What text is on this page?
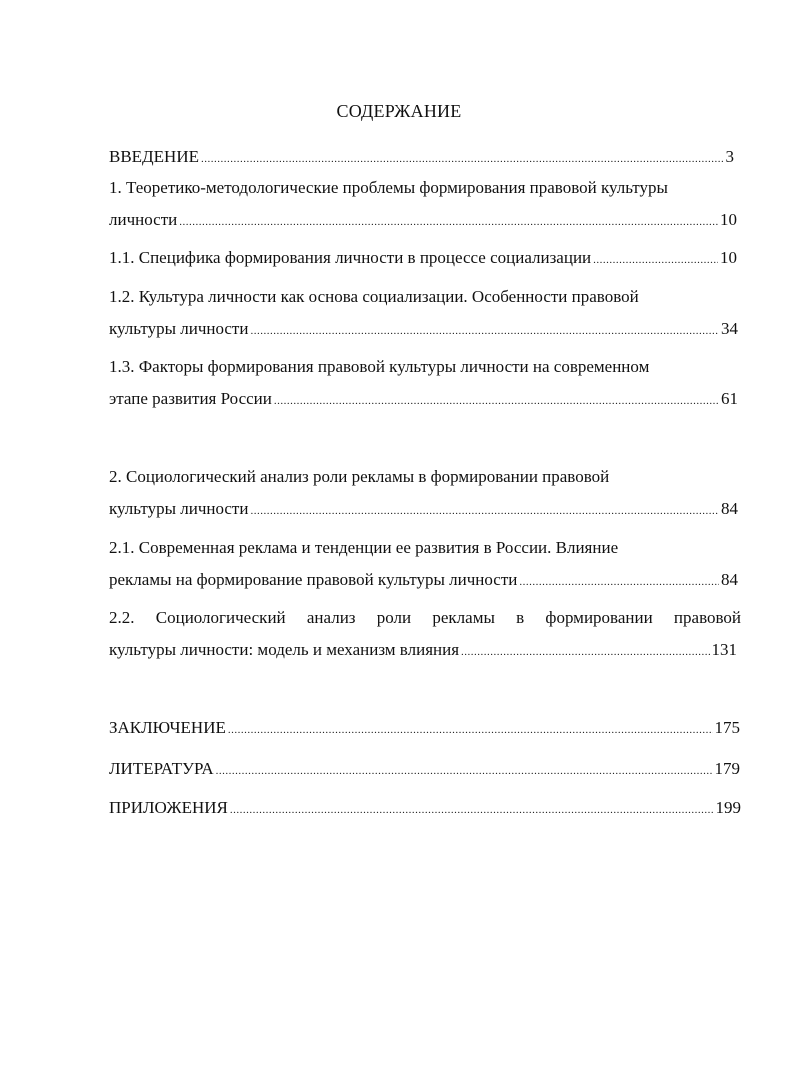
СОДЕРЖАНИЕ
ВВЕДЕНИЕ .....	3
1. Теоретико-методологические проблемы формирования правовой культуры
личности .....	10
1.1. Специфика формирования личности в процессе социализации .....	10
1.2. Культура личности как основа социализации. Особенности правовой
культуры личности .....	34
1.3. Факторы формирования правовой культуры личности на современном
этапе развития России .....	61
2. Социологический анализ роли рекламы в формировании правовой
культуры личности .....	84
2.1. Современная реклама и тенденции ее развития в России. Влияние
рекламы на формирование правовой культуры личности .....	84
2.2. Социологический анализ роли рекламы в формировании правовой
культуры личности: модель и механизм влияния .....	131
ЗАКЛЮЧЕНИЕ .....	175
ЛИТЕРАТУРА .....	179
ПРИЛОЖЕНИЯ .....	199
